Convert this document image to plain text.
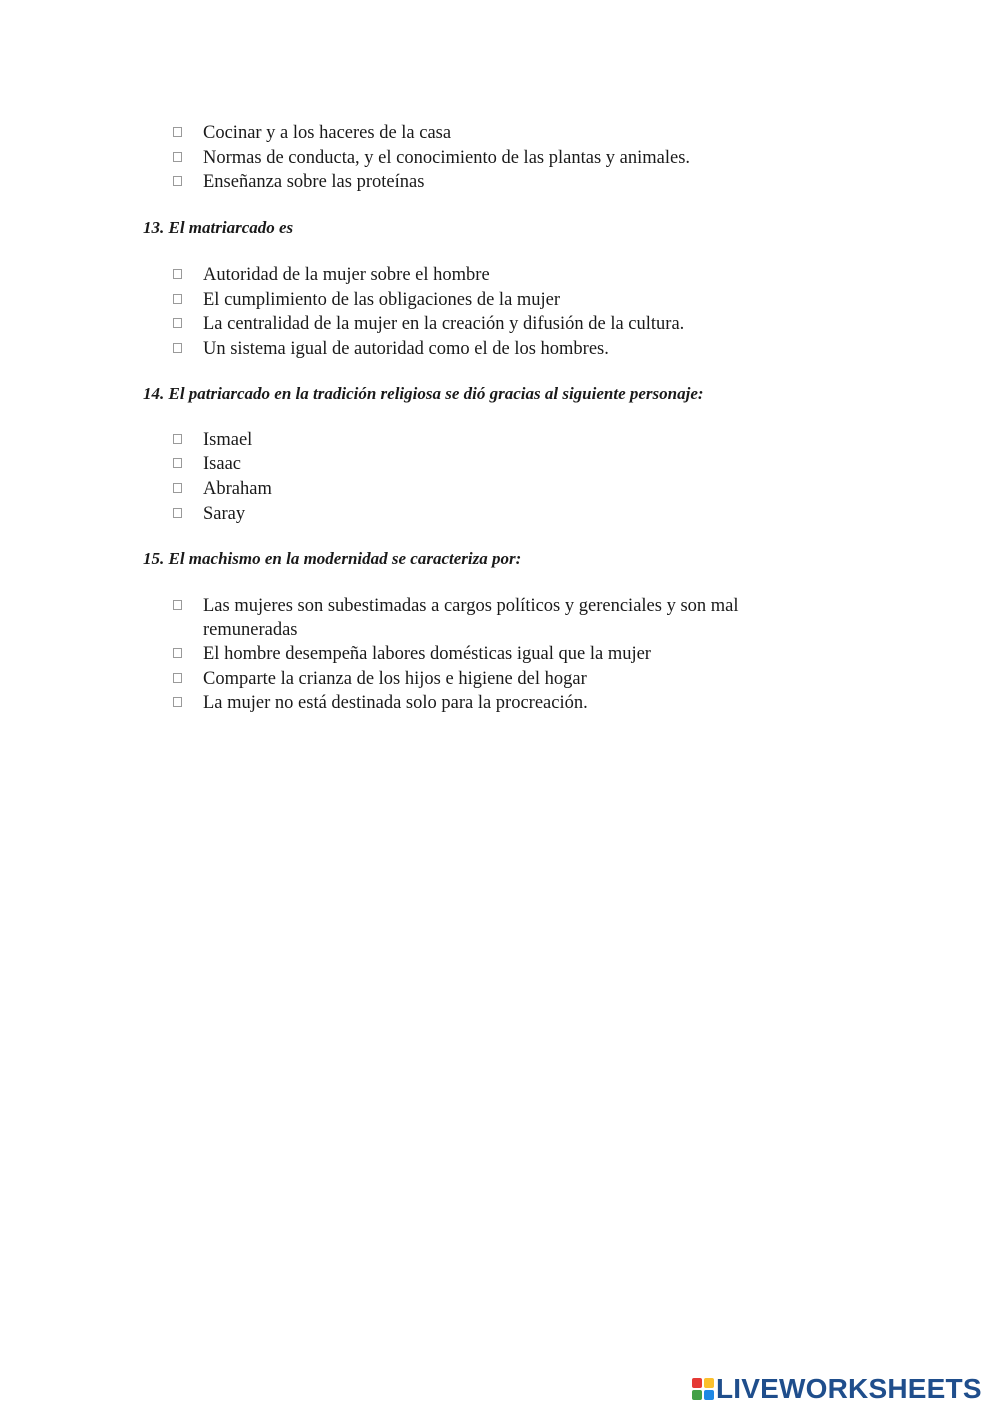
Cocinar y a los haceres de la casa
Normas de conducta, y el conocimiento de las plantas y animales.
Enseñanza sobre las proteínas
13. El matriarcado es
Autoridad de la mujer sobre el hombre
El cumplimiento de las obligaciones de la mujer
La centralidad de la mujer en la creación y difusión de la cultura.
Un sistema igual de autoridad como el de los hombres.
14. El patriarcado en la tradición religiosa se dió gracias al siguiente personaje:
Ismael
Isaac
Abraham
Saray
15. El machismo en la modernidad se caracteriza por:
Las mujeres son subestimadas a cargos políticos y gerenciales y son mal remuneradas
El hombre desempeña labores domésticas igual que la mujer
Comparte la crianza de los hijos e higiene del hogar
La mujer no está destinada solo para la procreación.
LIVEWORKSHEETS
